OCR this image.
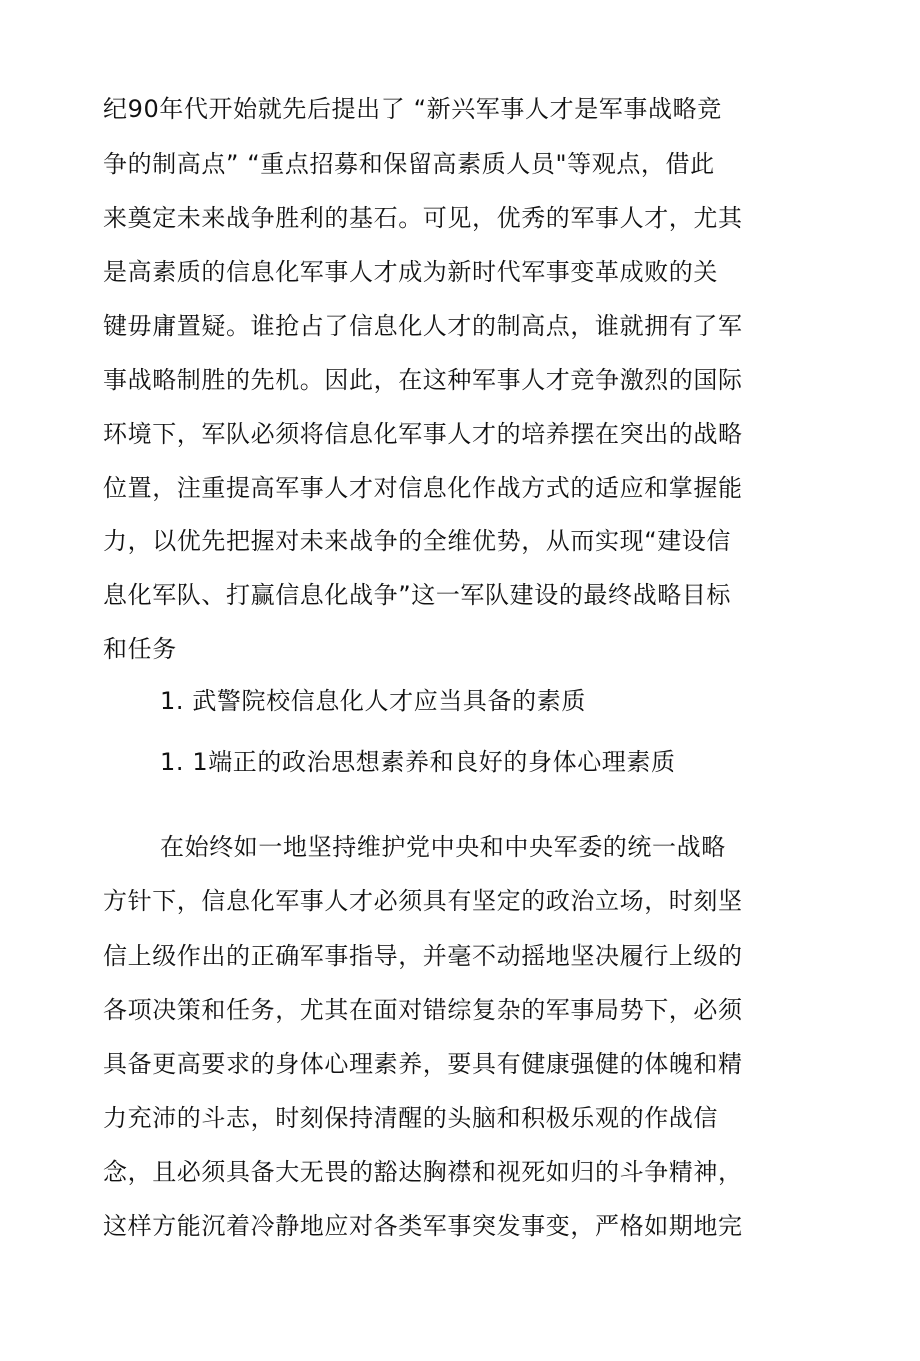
纪90年代开始就先后提出了 “新兴军事人才是军事战略竞
争的制高点” “重点招募和保留高素质人员"等观点，借此
来奠定未来战争胜利的基石。可见，优秀的军事人才，尤其
是高素质的信息化军事人才成为新时代军事变革成败的关
键毋庸置疑。谁抢占了信息化人才的制高点，谁就拥有了军
事战略制胜的先机。因此，在这种军事人才竞争激烈的国际
环境下，军队必须将信息化军事人才的培养摆在突出的战略
位置，注重提高军事人才对信息化作战方式的适应和掌握能
力，以优先把握对未来战争的全维优势，从而实现“建设信
息化军队、打赢信息化战争”这一军队建设的最终战略目标
和任务
1. 武警院校信息化人才应当具备的素质
1. 1端正的政治思想素养和良好的身体心理素质
在始终如一地坚持维护党中央和中央军委的统一战略
方针下，信息化军事人才必须具有坚定的政治立场，时刻坚
信上级作出的正确军事指导，并毫不动摇地坚决履行上级的
各项决策和任务，尤其在面对错综复杂的军事局势下，必须
具备更高要求的身体心理素养，要具有健康强健的体魄和精
力充沛的斗志，时刻保持清醒的头脑和积极乐观的作战信
念，且必须具备大无畏的豁达胸襟和视死如归的斗争精神，
这样方能沉着冷静地应对各类军事突发事变，严格如期地完
